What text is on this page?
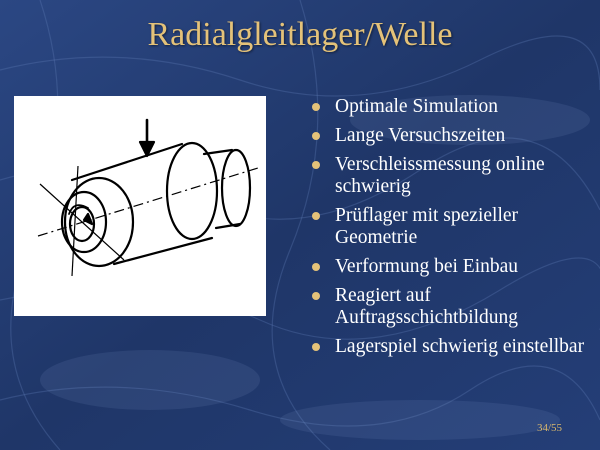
Radialgleitlager/Welle
Optimale Simulation
Lange Versuchszeiten
Verschleissmessung online schwierig
Prüflager mit spezieller Geometrie
Verformung bei Einbau
Reagiert auf Auftragsschichtbildung
Lagerspiel schwierig einstellbar
34/55
